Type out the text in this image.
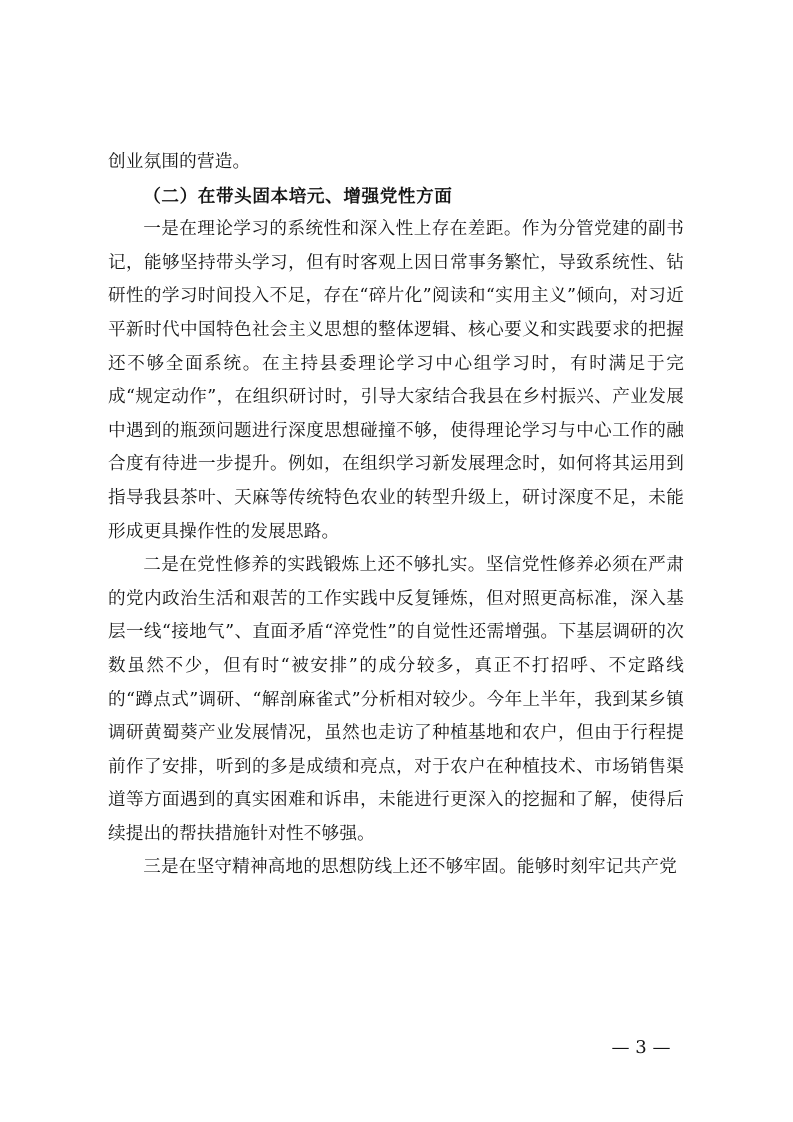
创业氛围的营造。

（二）在带头固本培元、增强党性方面

一是在理论学习的系统性和深入性上存在差距。作为分管党建的副书记，能够坚持带头学习，但有时客观上因日常事务繁忙，导致系统性、钻研性的学习时间投入不足，存在“碎片化”阅读和“实用主义”倾向，对习近平新时代中国特色社会主义思想的整体逻辑、核心要义和实践要求的把握还不够全面系统。在主持县委理论学习中心组学习时，有时满足于完成“规定动作”，在组织研讨时，引导大家结合我县在乡村振兴、产业发展中遇到的瓶颈问题进行深度思想碰撞不够，使得理论学习与中心工作的融合度有待进一步提升。例如，在组织学习新发展理念时，如何将其运用到指导我县茶叶、天麻等传统特色农业的转型升级上，研讨深度不足，未能形成更具操作性的发展思路。

二是在党性修养的实践锻炼上还不够扎实。坚信党性修养必须在严肃的党内政治生活和艰苦的工作实践中反复锤炼，但对照更高标准，深入基层一线“接地气”、直面矛盾“淬党性”的自觉性还需增强。下基层调研的次数虽然不少，但有时“被安排”的成分较多，真正不打招呼、不定路线的“蹲点式”调研、“解剖麻雀式”分析相对较少。今年上半年，我到某乡镇调研黄蜀葵产业发展情况，虽然也走访了种植基地和农户，但由于行程提前作了安排，听到的多是成绩和亮点，对于农户在种植技术、市场销售渠道等方面遇到的真实困难和诉串，未能进行更深入的挖掘和了解，使得后续提出的帮扶措施针对性不够强。

三是在坚守精神高地的思想防线上还不够牢固。能够时刻牢记共产党

— 3 —
